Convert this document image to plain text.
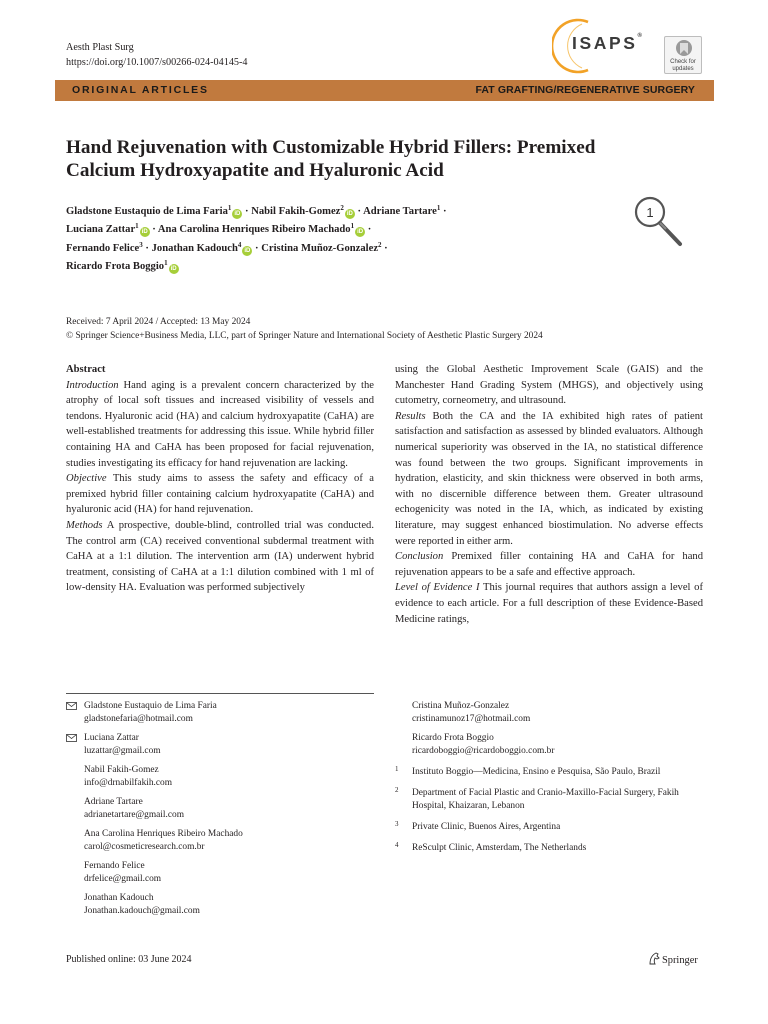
Aesth Plast Surg
https://doi.org/10.1007/s00266-024-04145-4
ISAPS®
Check for
updates
ORIGINAL ARTICLES	FAT GRAFTING/REGENERATIVE SURGERY
Hand Rejuvenation with Customizable Hybrid Fillers: Premixed Calcium Hydroxyapatite and Hyaluronic Acid
Gladstone Eustaquio de Lima Faria$^1$iD · Nabil Fakih-Gomez$^2$iD · Adriane Tartare$^1$ ·
Luciana Zattar$^1$iD · Ana Carolina Henriques Ribeiro Machado$^1$iD ·
Fernando Felice$^3$ · Jonathan Kadouch$^4$iD · Cristina Muñoz-Gonzalez$^2$ ·
Ricardo Frota Boggio$^1$iD
1
Received: 7 April 2024 / Accepted: 13 May 2024
© Springer Science+Business Media, LLC, part of Springer Nature and International Society of Aesthetic Plastic Surgery 2024

Abstract

Introduction Hand aging is a prevalent concern characterized by the atrophy of local soft tissues and increased visibility of vessels and tendons. Hyaluronic acid (HA) and calcium hydroxyapatite (CaHA) are well-established treatments for addressing this issue. While hybrid filler containing HA and CaHA has been proposed for facial rejuvenation, studies investigating its efficacy for hand rejuvenation are lacking.

Objective This study aims to assess the safety and efficacy of a premixed hybrid filler containing calcium hydroxyapatite (CaHA) and hyaluronic acid (HA) for hand rejuvenation.

Methods A prospective, double-blind, controlled trial was conducted. The control arm (CA) received conventional subdermal treatment with CaHA at a 1:1 dilution. The intervention arm (IA) underwent hybrid treatment, consisting of CaHA at a 1:1 dilution combined with 1 ml of low-density HA. Evaluation was performed subjectively

using the Global Aesthetic Improvement Scale (GAIS) and the Manchester Hand Grading System (MHGS), and objectively using cutometry, corneometry, and ultrasound.

Results Both the CA and the IA exhibited high rates of patient satisfaction and satisfaction as assessed by blinded evaluators. Although numerical superiority was observed in the IA, no statistical difference was found between the two groups. Significant improvements in hydration, elasticity, and skin thickness were observed in both arms, with no discernible difference between them. Greater ultrasound echogenicity was noted in the IA, which, as indicated by existing literature, may suggest enhanced biostimulation. No adverse effects were reported in either arm.

Conclusion Premixed filler containing HA and CaHA for hand rejuvenation appears to be a safe and effective approach.

Level of Evidence I This journal requires that authors assign a level of evidence to each article. For a full description of these Evidence-Based Medicine ratings,

Gladstone Eustaquio de Lima Faria
gladstonefaria@hotmail.com
Luciana Zattar
luzattar@gmail.com
Nabil Fakih-Gomez
info@drnabilfakih.com
Adriane Tartare
adrianetartare@gmail.com
Ana Carolina Henriques Ribeiro Machado
carol@cosmeticresearch.com.br
Fernando Felice
drfelice@gmail.com
Jonathan Kadouch
Jonathan.kadouch@gmail.com
Cristina Muñoz-Gonzalez
cristinamunoz17@hotmail.com
Ricardo Frota Boggio
ricardoboggio@ricardoboggio.com.br
1 Instituto Boggio—Medicina, Ensino e Pesquisa, São Paulo, Brazil
2 Department of Facial Plastic and Cranio-Maxillo-Facial Surgery, Fakih Hospital, Khaizaran, Lebanon
3 Private Clinic, Buenos Aires, Argentina
4 ReSculpt Clinic, Amsterdam, The Netherlands
Published online: 03 June 2024	Springer
